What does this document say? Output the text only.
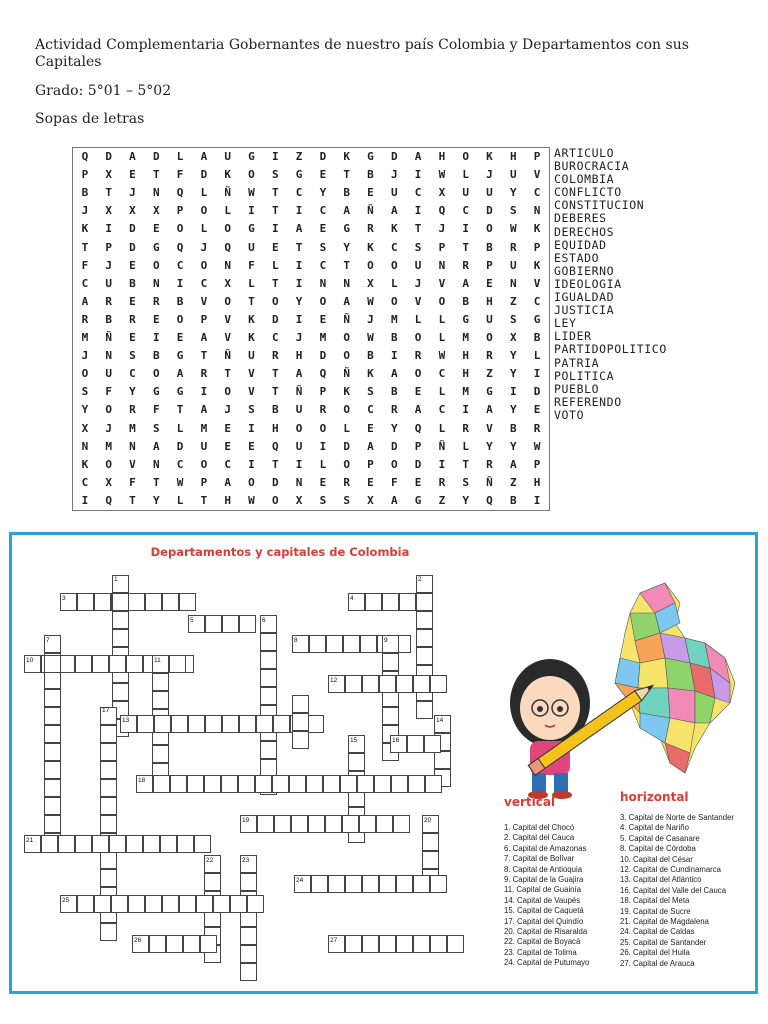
Actividad Complementaria Gobernantes de nuestro país Colombia y Departamentos con sus Capitales

Grado: 5°01 – 5°02

Sopas de letras

Q	D	A	D	L	A	U	G	I	Z	D	K	G	D	A	H	O	K	H	P
P	X	E	T	F	D	K	O	S	G	E	T	B	J	I	W	L	J	U	V
B	T	J	N	Q	L	Ñ	W	T	C	Y	B	E	U	C	X	U	U	Y	C
J	X	X	X	P	O	L	I	T	I	C	A	Ñ	A	I	Q	C	D	S	N
K	I	D	E	O	L	O	G	I	A	E	G	R	K	T	J	I	O	W	K
T	P	D	G	Q	J	Q	U	E	T	S	Y	K	C	S	P	T	B	R	P
F	J	E	O	C	O	N	F	L	I	C	T	O	O	U	N	R	P	U	K
C	U	B	N	I	C	X	L	T	I	N	N	X	L	J	V	A	E	N	V
A	R	E	R	B	V	O	T	O	Y	O	A	W	O	V	O	B	H	Z	C
R	B	R	E	O	P	V	K	D	I	E	Ñ	J	M	L	L	G	U	S	G
M	Ñ	E	I	E	A	V	K	C	J	M	O	W	B	O	L	M	O	X	B
J	N	S	B	G	T	Ñ	U	R	H	D	O	B	I	R	W	H	R	Y	L
O	U	C	O	A	R	T	V	T	A	Q	Ñ	K	A	O	C	H	Z	Y	I
S	F	Y	G	G	I	O	V	T	Ñ	P	K	S	B	E	L	M	G	I	D
Y	O	R	F	T	A	J	S	B	U	R	O	C	R	A	C	I	A	Y	E
X	J	M	S	L	M	E	I	H	O	O	L	E	Y	Q	L	R	V	B	R
N	M	N	A	D	U	E	E	Q	U	I	D	A	D	P	Ñ	L	Y	Y	W
K	O	V	N	C	O	C	I	T	I	L	O	P	O	D	I	T	R	A	P
C	X	F	T	W	P	A	O	D	N	E	R	E	F	E	R	S	Ñ	Z	H
I	Q	T	Y	L	T	H	W	O	X	S	S	X	A	G	Z	Y	Q	B	I
ARTICULO
BUROCRACIA
COLOMBIA
CONFLICTO
CONSTITUCION
DEBERES
DERECHOS
EQUIDAD
ESTADO
GOBIERNO
IDEOLOGIA
IGUALDAD
JUSTICIA
LEY
LIDER
PARTIDOPOLITICO
PATRIA
POLITICA
PUEBLO
REFERENDO
VOTO
Departamentos y capitales de Colombia
1	2
3	4
5	6
7	8	9
10	11
12
13	14
15	16
17
18
19	20
21
22	23
24
25
26	27
vertical	horizontal
1. Capital del Chocó
2. Capital del Cauca
6. Capital de Amazonas
7. Capital de Bolívar
8. Capital de Antioquia
9. Capital de la Guajira
11. Capital de Guainía
14. Capital de Vaupés
15. Capital de Caquetá
17. Capital del Quindío
20. Capital de Risaralda
22. Capital de Boyacá
23. Capital de Tolima
24. Capital de Putumayo
3. Capital de Norte de Santander
4. Capital de Nariño
5. Capital de Casanare
8. Capital de Córdoba
10. Capital del César
12. Capital de Cundinamarca
13. Capital del Atlántico
16. Capital del Valle del Cauca
18. Capital del Meta
19. Capital de Sucre
21. Capital de Magdalena
24. Capital de Caldas
25. Capital de Santander
26. Capital del Huila
27. Capital de Arauca
